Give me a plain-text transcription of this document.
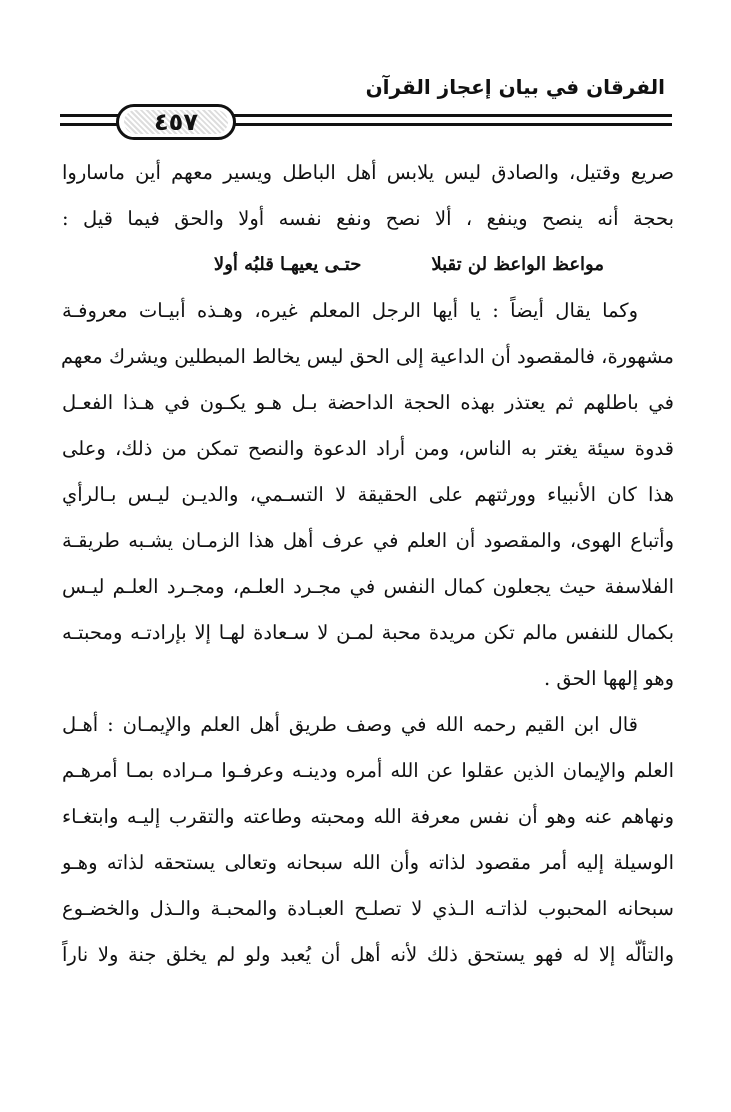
الفرقان في بيان إعجاز القرآن
٤٥٧

صريع وقتيل، والصادق ليس يلابس أهل الباطل ويسير معهم أين ماساروا
بحجة أنه ينصح وينفع ، ألا نصح ونفع نفسه أولا والحق فيما قيل :

مواعظ الواعظ لن تقبلا
حتـى يعيهـا قلبُه أولا

وكما يقال أيضاً : يا أيها الرجل المعلم غيره، وهـذه أبيـات معروفـة
مشهورة، فالمقصود أن الداعية إلى الحق ليس يخالط المبطلين ويشرك معهم
في باطلهم ثم يعتذر بهذه الحجة الداحضة بـل هـو يكـون في هـذا الفعـل
قدوة سيئة يغتر به الناس، ومن أراد الدعوة والنصح تمكن من ذلك، وعلى
هذا كان الأنبياء وورثتهم على الحقيقة لا التسـمي، والديـن ليـس بـالرأي
وأتباع الهوى، والمقصود أن العلم في عرف أهل هذا الزمـان يشـبه طريقـة
الفلاسفة حيث يجعلون كمال النفس في مجـرد العلـم، ومجـرد العلـم ليـس
بكمال للنفس مالم تكن مريدة محبة لمـن لا سـعادة لهـا إلا بإرادتـه ومحبتـه
وهو إلهها الحق .

قال ابن القيم رحمه الله في وصف طريق أهل العلم والإيمـان : أهـل
العلم والإيمان الذين عقلوا عن الله أمره ودينـه وعرفـوا مـراده بمـا أمرهـم
ونهاهم عنه وهو أن نفس معرفة الله ومحبته وطاعته والتقرب إليـه وابتغـاء
الوسيلة إليه أمر مقصود لذاته وأن الله سبحانه وتعالى يستحقه لذاته وهـو
سبحانه المحبوب لذاتـه الـذي لا تصلـح العبـادة والمحبـة والـذل والخضـوع
والتألّه إلا له فهو يستحق ذلك لأنه أهل أن يُعبد ولو لم يخلق جنة ولا ناراً
